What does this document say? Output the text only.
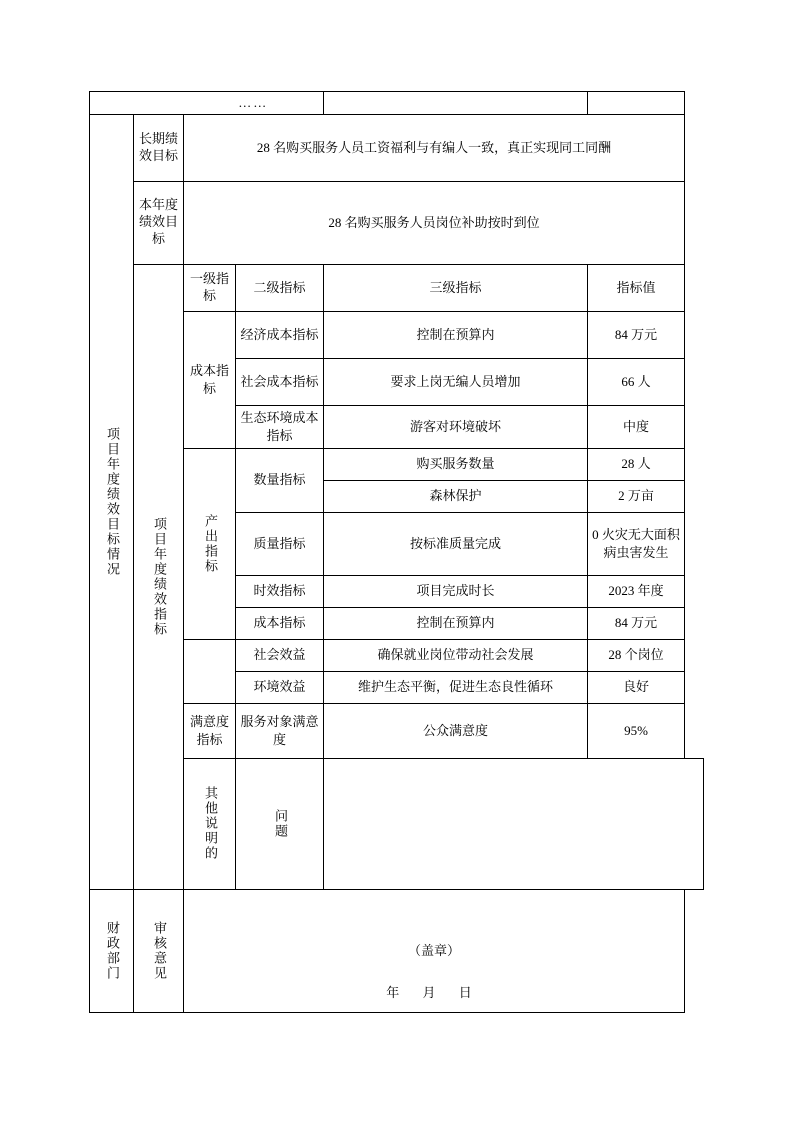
		……			

项目年度绩效目标情况	长期绩效目标	28 名购买服务人员工资福利与有编人一致，真正实现同工同酬			

	本年度绩效目标	28 名购买服务人员岗位补助按时到位			

	项目年度绩效指标	一级指标	二级指标	三级指标	指标值
		成本指标	经济成本指标	控制在预算内	84 万元
			社会成本指标	要求上岗无编人员增加	66 人
			生态环境成本指标	游客对环境破坏	中度

		产出指标	数量指标	购买服务数量	28 人
				森林保护	2 万亩
			质量指标	按标准质量完成	0 火灾无大面积病虫害发生
			时效指标	项目完成时长	2023 年度
			成本指标	控制在预算内	84 万元
			社会效益	确保就业岗位带动社会发展	28 个岗位
			环境效益	维护生态平衡，促进生态良性循环	良好
		满意度指标	服务对象满意度	公众满意度	95%

		其他说明的	问题		

财政部门	审核意见	（盖章）
年 月 日			
